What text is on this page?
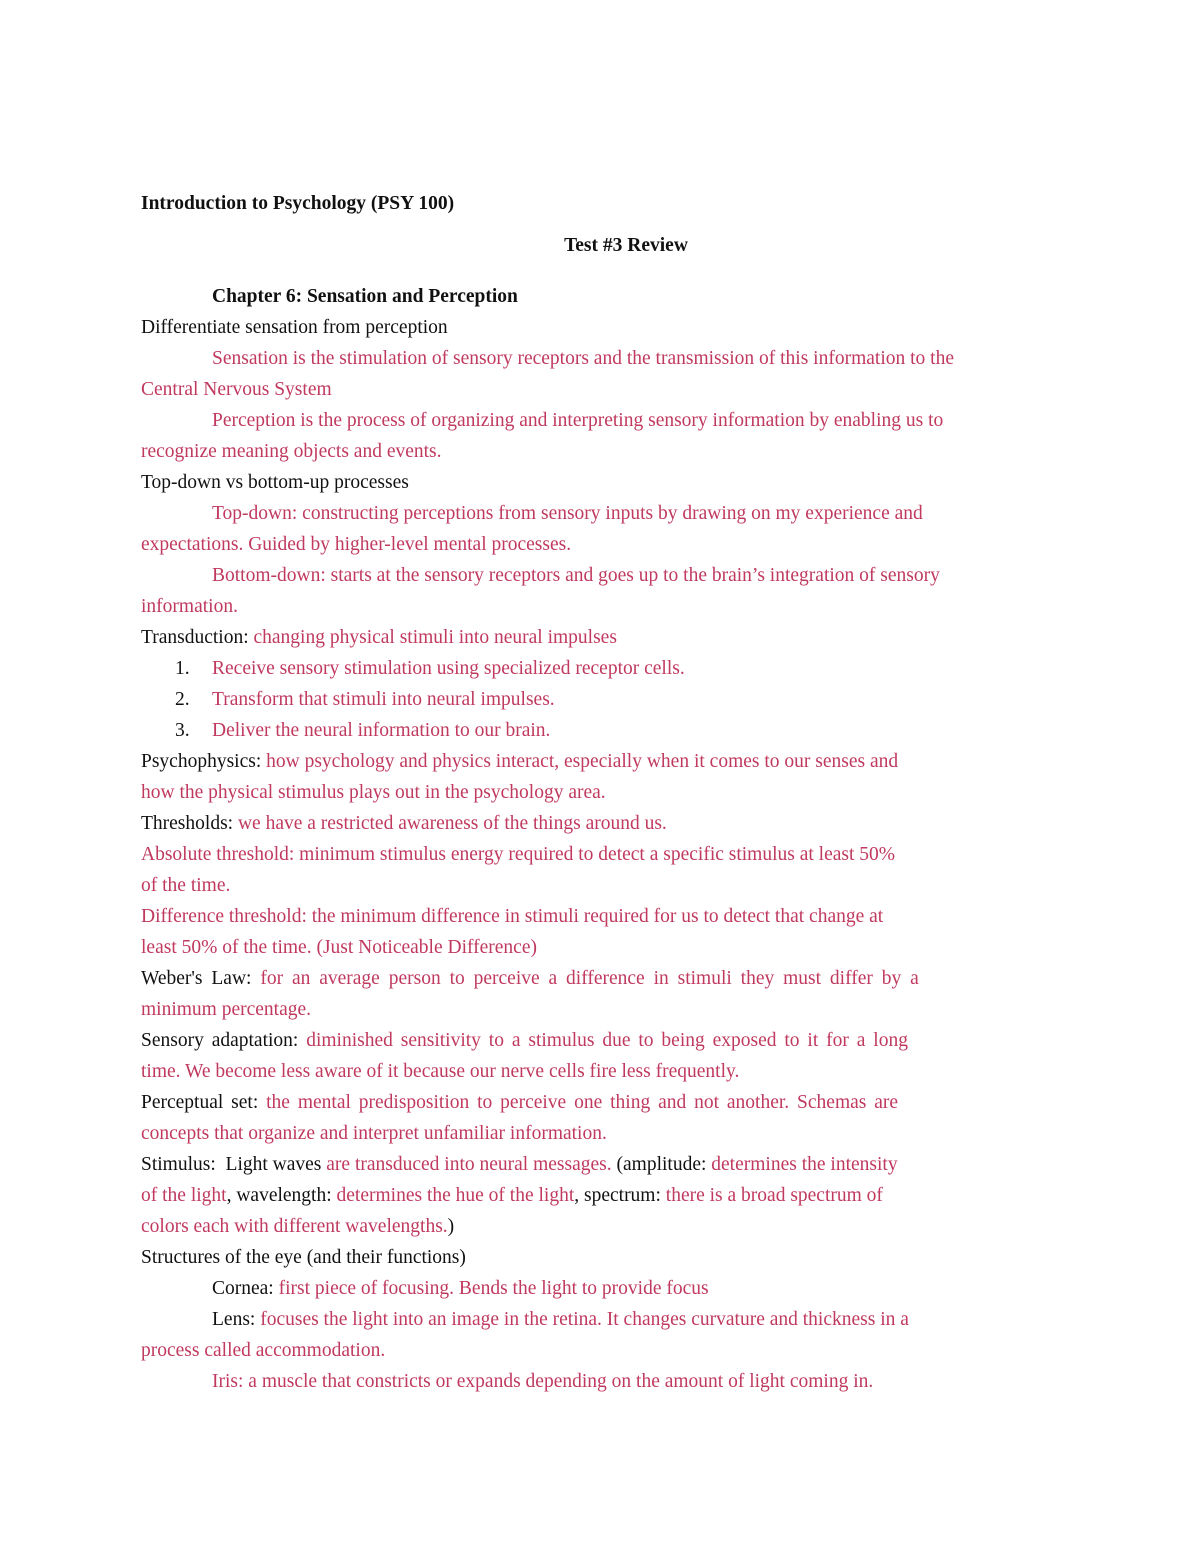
Introduction to Psychology (PSY 100)
Test #3 Review
Chapter 6: Sensation and Perception
Differentiate sensation from perception
Sensation is the stimulation of sensory receptors and the transmission of this information to the
Central Nervous System
Perception is the process of organizing and interpreting sensory information by enabling us to
recognize meaning objects and events.
Top-down vs bottom-up processes
Top-down: constructing perceptions from sensory inputs by drawing on my experience and
expectations. Guided by higher-level mental processes.
Bottom-down: starts at the sensory receptors and goes up to the brain’s integration of sensory
information.
Transduction: changing physical stimuli into neural impulses
1. Receive sensory stimulation using specialized receptor cells.
2. Transform that stimuli into neural impulses.
3. Deliver the neural information to our brain.
Psychophysics: how psychology and physics interact, especially when it comes to our senses and
how the physical stimulus plays out in the psychology area.
Thresholds: we have a restricted awareness of the things around us.
Absolute threshold: minimum stimulus energy required to detect a specific stimulus at least 50%
of the time.
Difference threshold: the minimum difference in stimuli required for us to detect that change at
least 50% of the time. (Just Noticeable Difference)
Weber's Law: for an average person to perceive a difference in stimuli they must differ by a
minimum percentage.
Sensory adaptation: diminished sensitivity to a stimulus due to being exposed to it for a long
time. We become less aware of it because our nerve cells fire less frequently.
Perceptual set: the mental predisposition to perceive one thing and not another. Schemas are
concepts that organize and interpret unfamiliar information.
Stimulus: Light waves are transduced into neural messages. (amplitude: determines the intensity
of the light, wavelength: determines the hue of the light, spectrum: there is a broad spectrum of
colors each with different wavelengths.)
Structures of the eye (and their functions)
Cornea: first piece of focusing. Bends the light to provide focus
Lens: focuses the light into an image in the retina. It changes curvature and thickness in a
process called accommodation.
Iris: a muscle that constricts or expands depending on the amount of light coming in.
